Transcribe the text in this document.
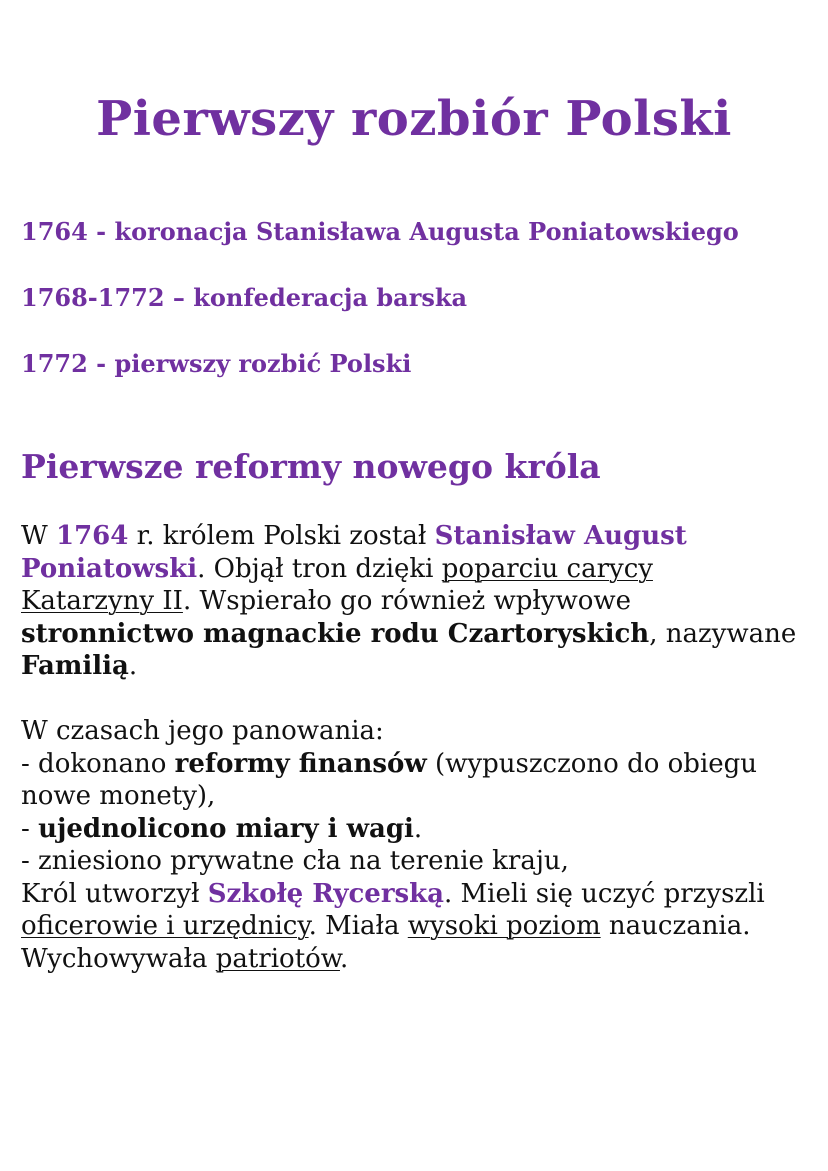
Pierwszy rozbiór Polski

1764 - koronacja Stanisława Augusta Poniatowskiego

1768-1772 – konfederacja barska

1772 - pierwszy rozbić Polski

Pierwsze reformy nowego króla
W 1764 r. królem Polski został Stanisław August
Poniatowski. Objął tron dzięki poparciu carycy
Katarzyny II. Wspierało go również wpływowe
stronnictwo magnackie rodu Czartoryskich, nazywane
Familią.
W czasach jego panowania:
- dokonano reformy finansów (wypuszczono do obiegu
nowe monety),
- ujednolicono miary i wagi.
- zniesiono prywatne cła na terenie kraju,
Król utworzył Szkołę Rycerską. Mieli się uczyć przyszli
oficerowie i urzędnicy. Miała wysoki poziom nauczania.
Wychowywała patriotów.
